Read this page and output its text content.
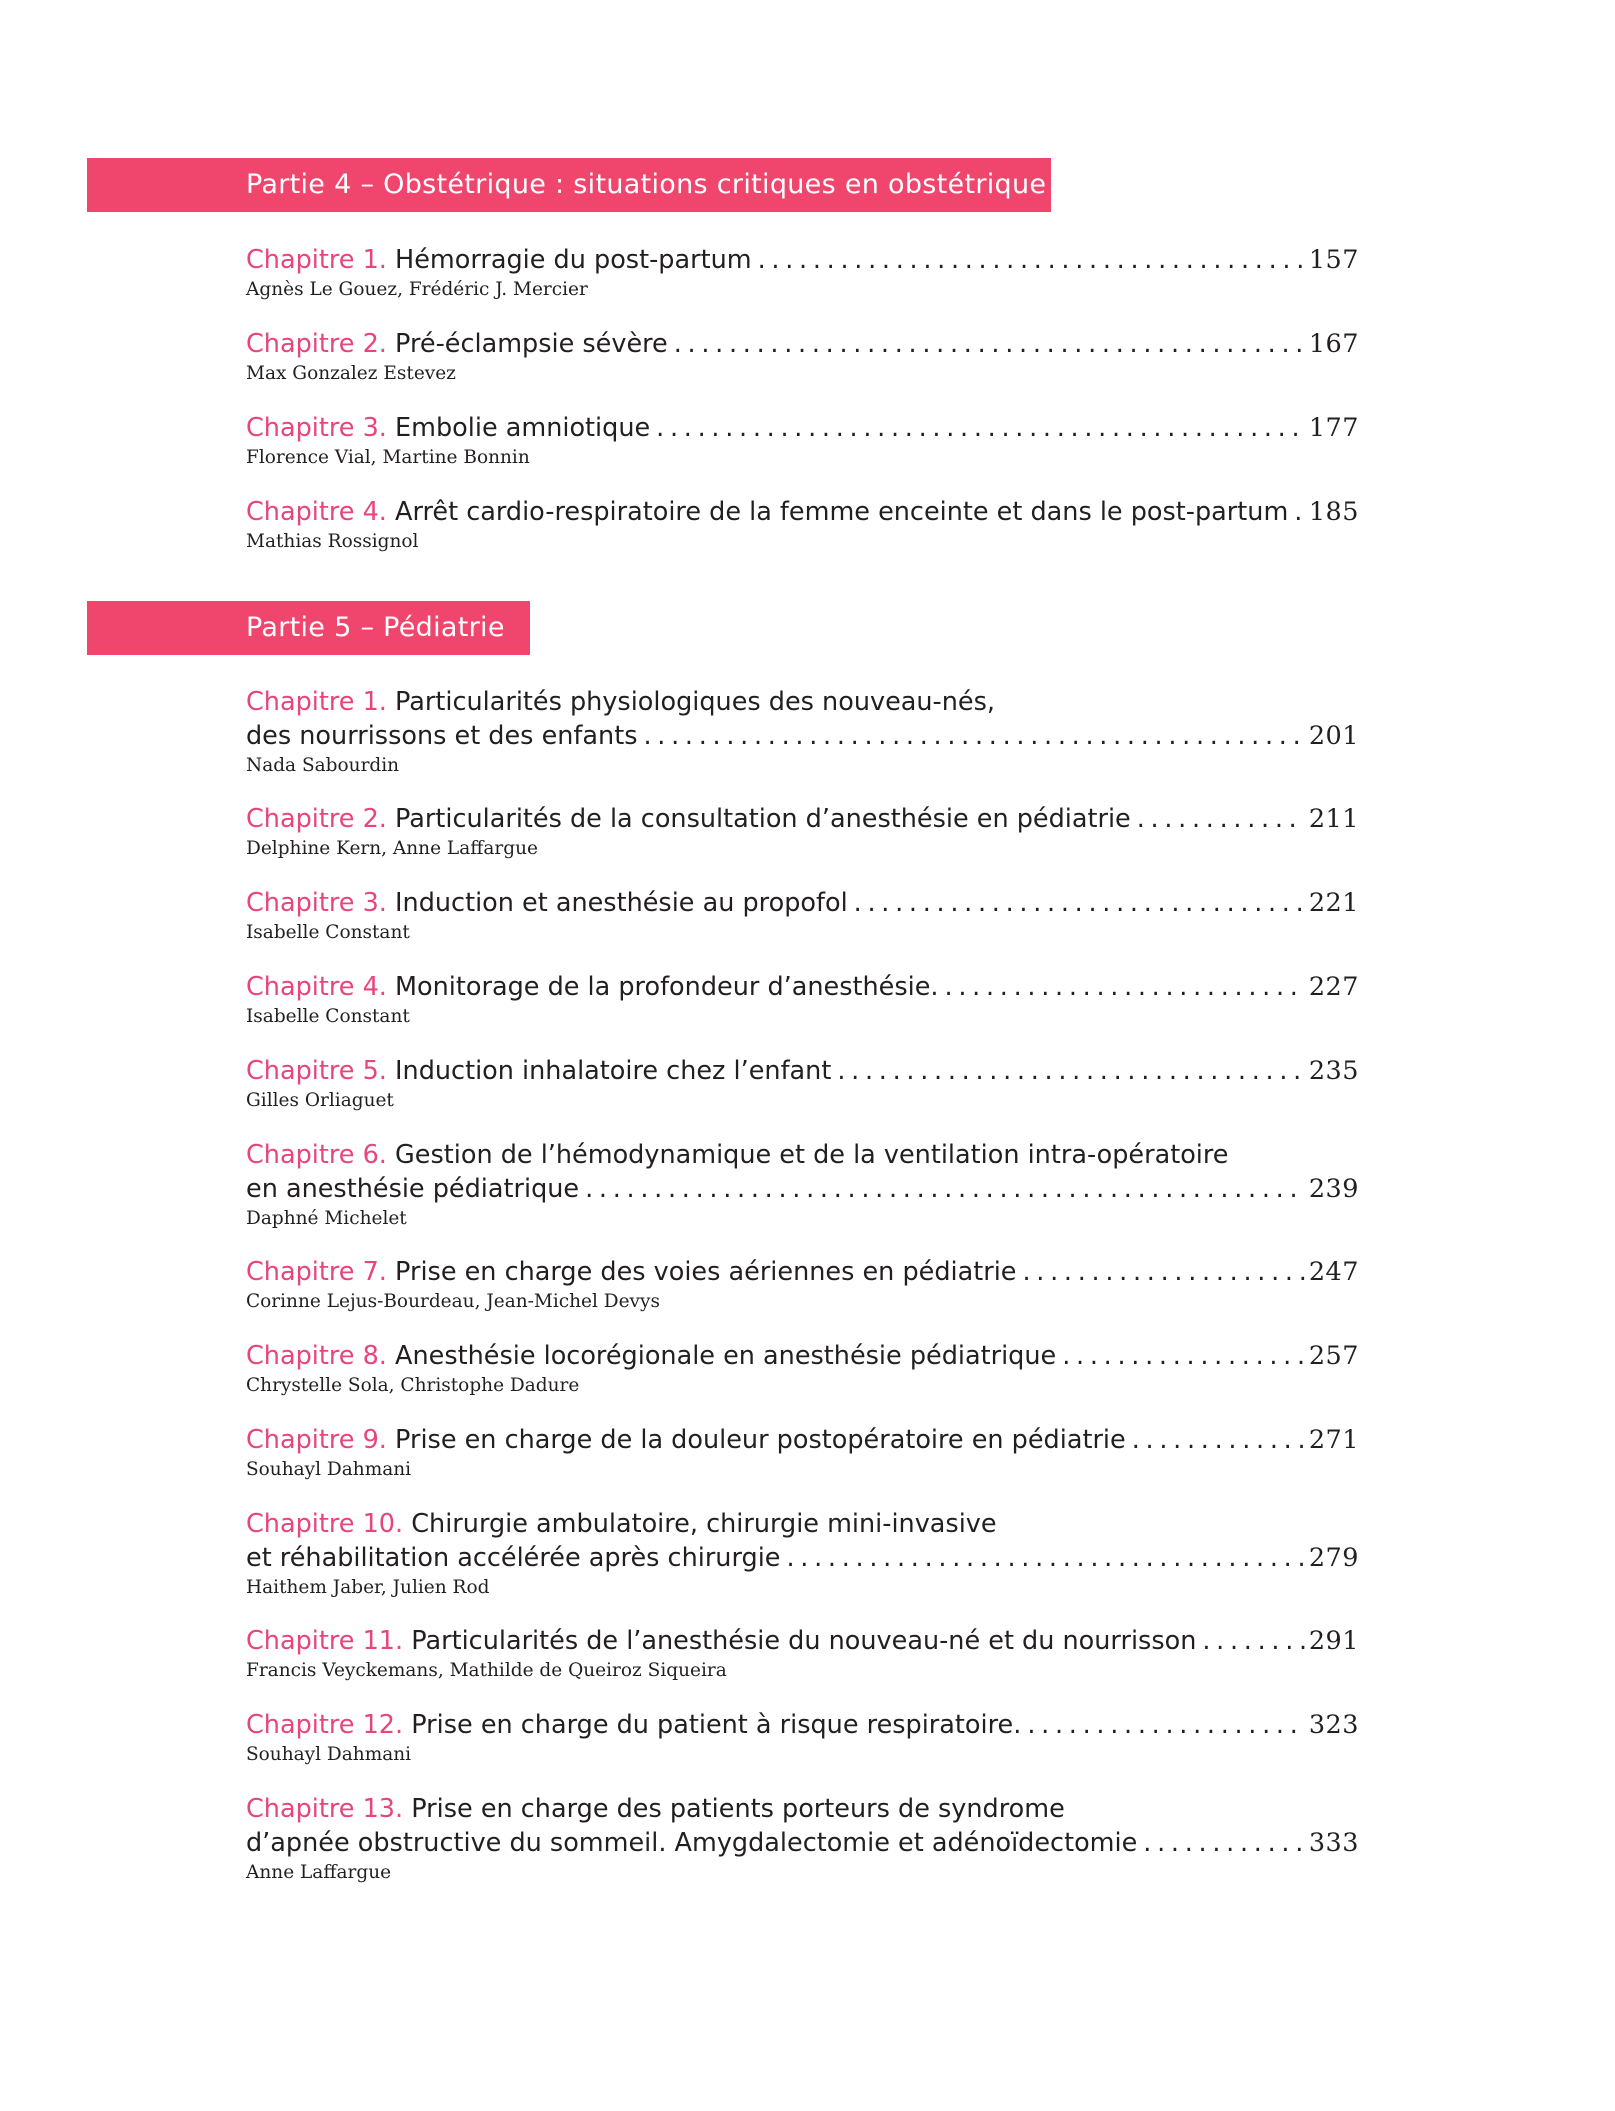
Partie 4 – Obstétrique : situations critiques en obstétrique
Chapitre 1. Hémorragie du post-partum . . .	157
Agnès Le Gouez, Frédéric J. Mercier
Chapitre 2. Pré-éclampsie sévère . . .	167
Max Gonzalez Estevez
Chapitre 3. Embolie amniotique . . .	177
Florence Vial, Martine Bonnin
Chapitre 4. Arrêt cardio-respiratoire de la femme enceinte et dans le post-partum . . . 185
Mathias Rossignol
Partie 5 – Pédiatrie
Chapitre 1. Particularités physiologiques des nouveau-nés,
des nourrissons et des enfants . . .	201
Nada Sabourdin
Chapitre 2. Particularités de la consultation d’anesthésie en pédiatrie . . .	211
Delphine Kern, Anne Laffargue
Chapitre 3. Induction et anesthésie au propofol . . .	221
Isabelle Constant
Chapitre 4. Monitorage de la profondeur d’anesthésie. . . .	227
Isabelle Constant
Chapitre 5. Induction inhalatoire chez l’enfant . . .	235
Gilles Orliaguet
Chapitre 6. Gestion de l’hémodynamique et de la ventilation intra-opératoire
en anesthésie pédiatrique . . .	239
Daphné Michelet
Chapitre 7. Prise en charge des voies aériennes en pédiatrie . . .	247
Corinne Lejus-Bourdeau, Jean-Michel Devys
Chapitre 8. Anesthésie locorégionale en anesthésie pédiatrique . . .	257
Chrystelle Sola, Christophe Dadure
Chapitre 9. Prise en charge de la douleur postopératoire en pédiatrie . . .	271
Souhayl Dahmani
Chapitre 10. Chirurgie ambulatoire, chirurgie mini-invasive
et réhabilitation accélérée après chirurgie . . .	279
Haithem Jaber, Julien Rod
Chapitre 11. Particularités de l’anesthésie du nouveau-né et du nourrisson . . .	291
Francis Veyckemans, Mathilde de Queiroz Siqueira
Chapitre 12. Prise en charge du patient à risque respiratoire. . . .	323
Souhayl Dahmani
Chapitre 13. Prise en charge des patients porteurs de syndrome
d’apnée obstructive du sommeil. Amygdalectomie et adénoïdectomie . . .	333
Anne Laffargue
